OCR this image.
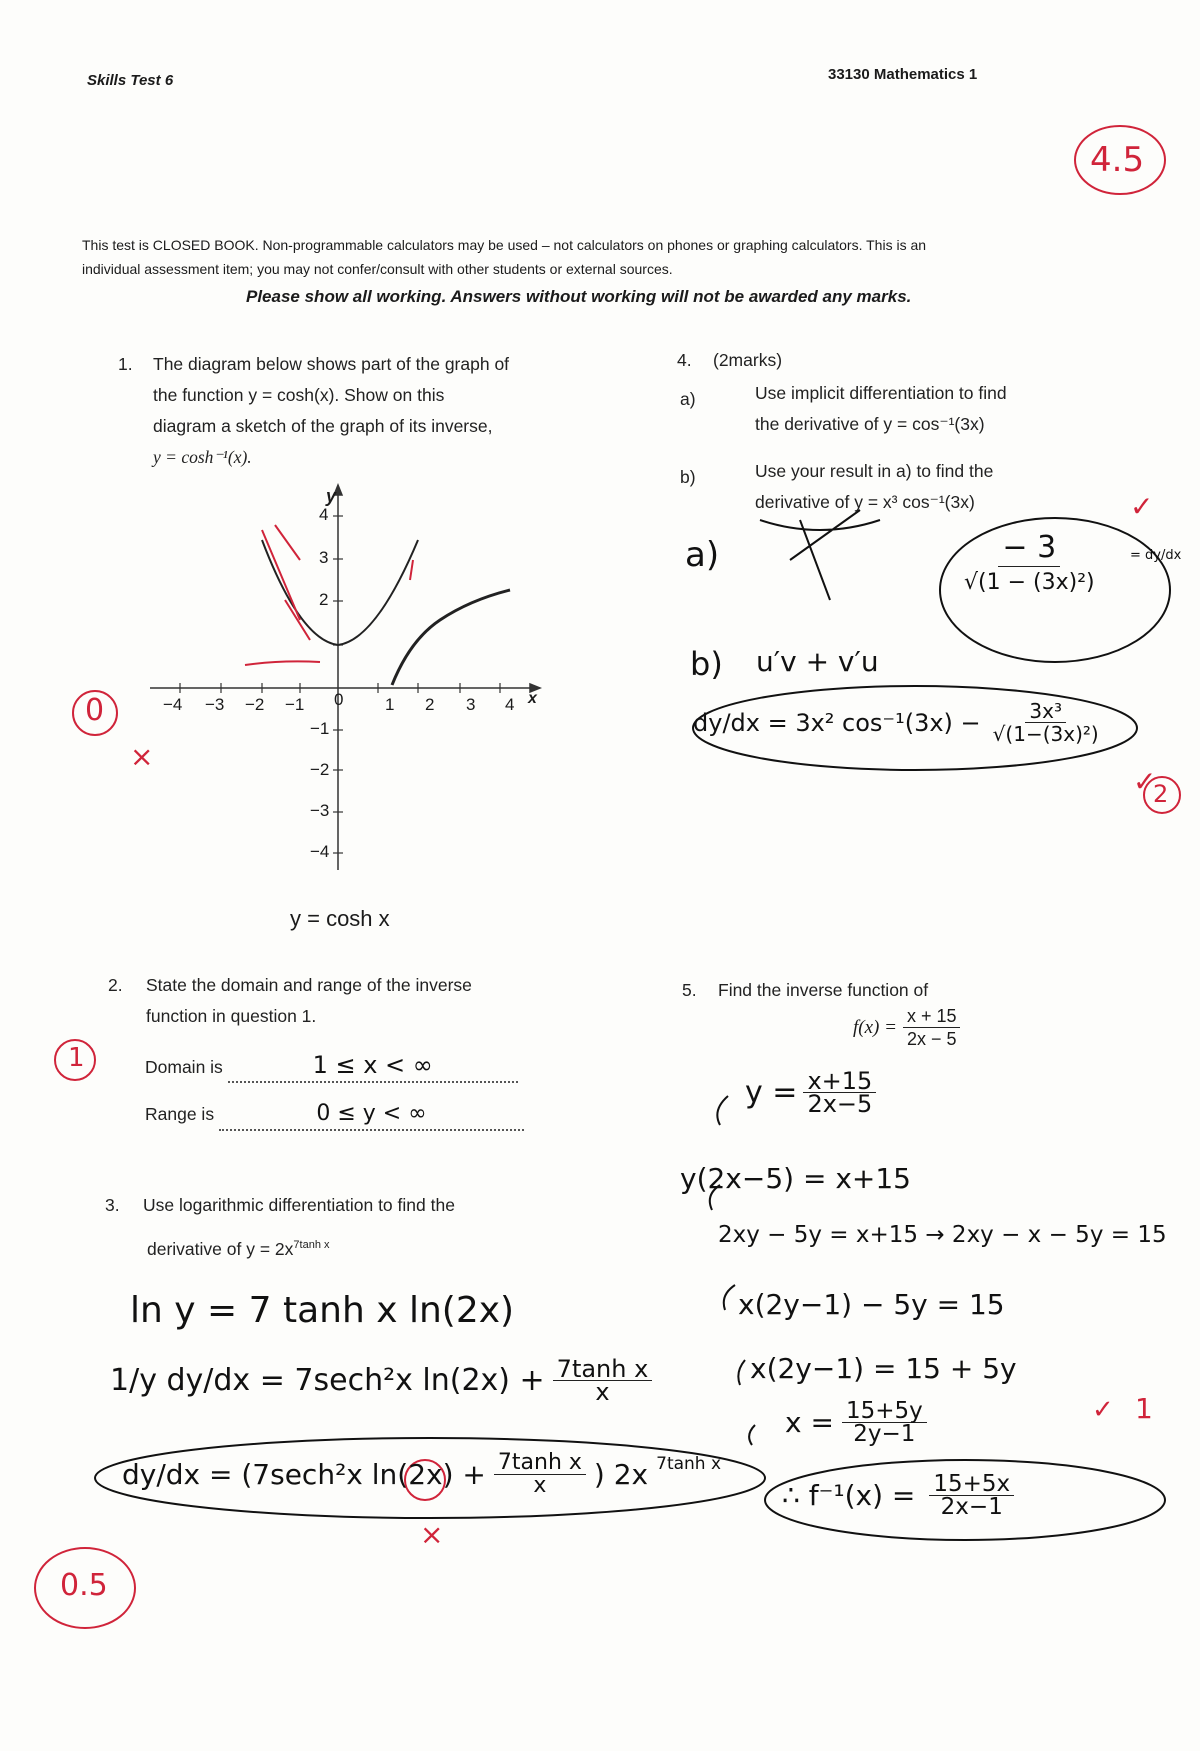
Skills Test 6	33130 Mathematics 1
4.5
This test is CLOSED BOOK. Non-programmable calculators may be used – not calculators on phones or graphing calculators. This is an
individual assessment item; you may not confer/consult with other students or external sources.
Please show all working. Answers without working will not be awarded any marks.
1. The diagram below shows part of the graph of
the function y = cosh(x). Show on this
diagram a sketch of the graph of its inverse,
y = cosh⁻¹(x).
y
x
−4 −3 −2 −1 0 1 2 3 4
4
3
2
−1
−2
−3
−4
y = cosh x
0
×
2. State the domain and range of the inverse
function in question 1.
Domain is	1 ≤ x < ∞
Range is	0 ≤ y < ∞
1
3. Use logarithmic differentiation to find the
derivative of $y = 2x^{7tanh x}$
ln y = 7 tanh x ln(2x)
1/y dy/dx = 7sech²x $\ln(2x) + \frac{\text{7tanh x}}{x}$
dy/dx = (7sech²x $\ln(2x) + \frac{\text{7tanh x}}{x}$ ) 2x $^{7tanh x}$
×
0.5
4. (2marks)
a)	Use implicit differentiation to find
the derivative of y = cos⁻¹(3x)
b)	Use your result in a) to find the
derivative of y = x³ cos⁻¹(3x)
a)	$\frac{- 3}{\text{√(1 − (3x)²)}} = dy/dx$
✓
b) u′v + v′u
dy/dx = 3x² $\cos^{-1}(3x) - \frac{\text{3x³}}{\text{√(1−(3x)²)}}$
✓
2
5. Find the inverse function of
$f(x) = \frac{x + 15}{2x - 5}$
$y = \frac{x+15}{2x-5}$
y(2x−5) = x+15
2xy − 5y = x+15 → 2xy − x − 5y = 15
x(2y−1) − 5y = 15
x(2y−1) = 15 + 5y
$x = \frac{15+5y}{2y-1}$
∴ $f^{-1}(x) = \frac{15+5x}{2x-1}$
✓ 1
